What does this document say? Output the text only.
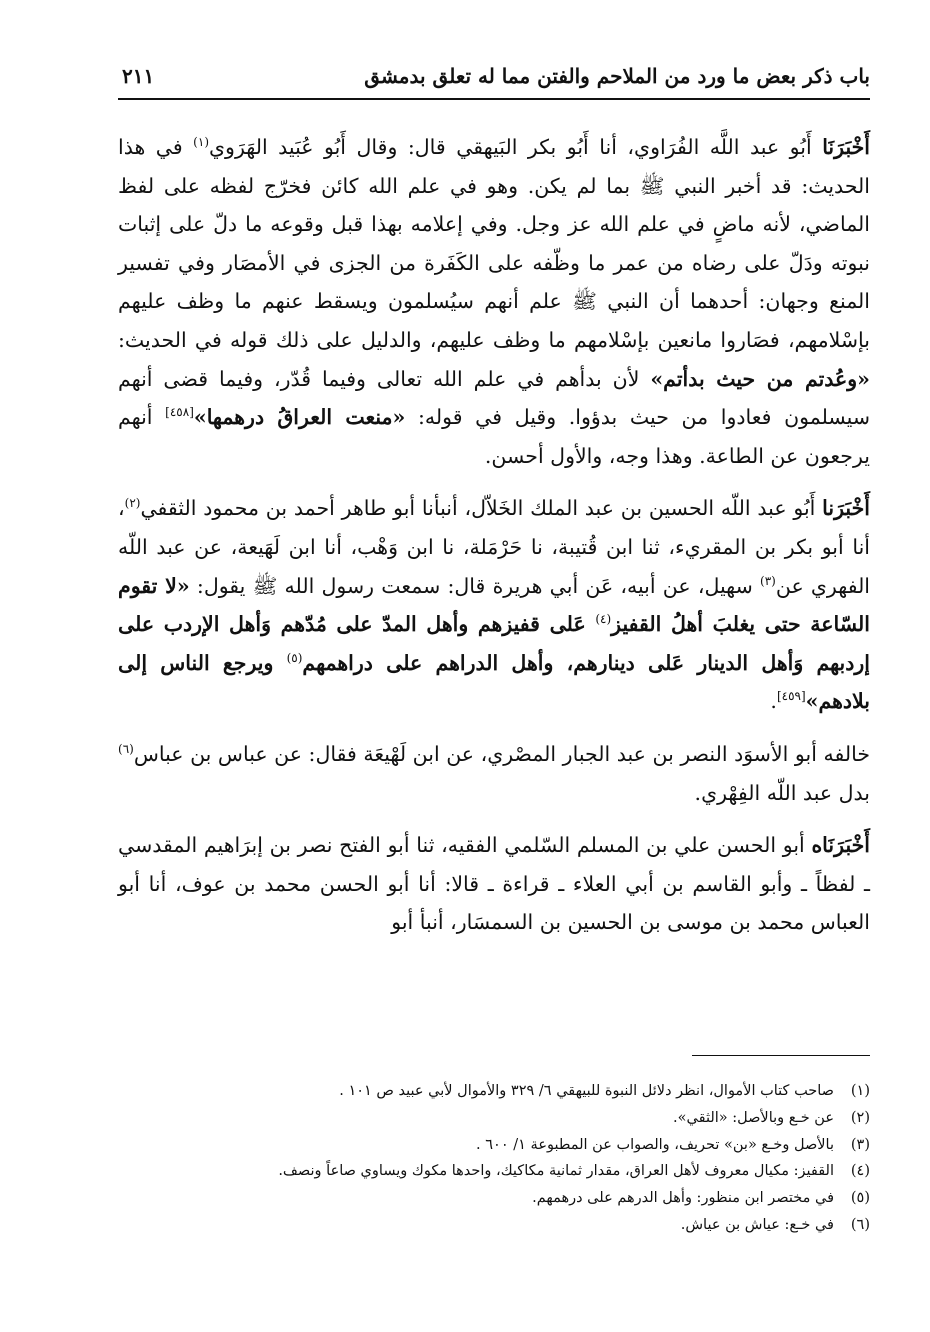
باب ذكر بعض ما ورد من الملاحم والفتن مما له تعلق بدمشق
٢١١

أَخْبَرَنَا أَبُو عبد اللَّه الفُرَاوي، أنا أَبُو بكر البَيهقي قال: وقال أَبُو عُبَيد الهَرَوي$^{(١)}$ في هذا الحديث: قد أخبر النبي ﷺ بما لم يكن. وهو في علم الله كائن فخرّج لفظه على لفظ الماضي، لأنه ماضٍ في علم الله عز وجل. وفي إعلامه بهذا قبل وقوعه ما دلّ على إثبات نبوته ودَلّ على رضاه من عمر ما وظّفه على الكَفَرة من الجزى في الأمصَار وفي تفسير المنع وجهان: أحدهما أن النبي ﷺ علم أنهم سيُسلمون ويسقط عنهم ما وظف عليهم بإسْلامهم، فصَاروا مانعين بإسْلامهم ما وظف عليهم، والدليل على ذلك قوله في الحديث: «وعُدتم من حيث بدأتم» لأن بدأهم في علم الله تعالى وفيما قُدّر، وفيما قضى أنهم سيسلمون فعادوا من حيث بدؤوا. وقيل في قوله: «منعت العراقُ درهمها»[٤٥٨] أنهم يرجعون عن الطاعة. وهذا وجه، والأول أحسن.

أَخْبَرَنا أَبُو عبد اللّه الحسين بن عبد الملك الخَلاّل، أنبأنا أبو طاهر أحمد بن محمود الثقفي$^{(٢)}$، أنا أبو بكر بن المقريء، ثنا ابن قُتيبة، نا حَرْمَلة، نا ابن وَهْب، أنا ابن لَهَيعة، عن عبد اللّه الفهري عن$^{(٣)}$ سهيل، عن أبيه، عَن أبي هريرة قال: سمعت رسول الله ﷺ يقول: «لا تقوم السّاعة حتى يغلبَ أهلُ القفيز$^{(٤)}$ عَلى قفيزهم وأهل المدّ على مُدّهم وَأهل الإردب على إردبهم وَأهل الدينار عَلى دينارهم، وأهل الدراهم على دراهمهم$^{(٥)}$ ويرجع الناس إلى بلادهم»[٤٥٩].

خالفه أبو الأسوَد النصر بن عبد الجبار المصْري، عن ابن لَهْيعَة فقال: عن عباس بن عباس$^{(٦)}$ بدل عبد اللّه الفِهْري.

أَخْبَرَنَاه أبو الحسن علي بن المسلم السّلمي الفقيه، ثنا أبو الفتح نصر بن إبرَاهيم المقدسي ـ لفظاً ـ وأبو القاسم بن أبي العلاء ـ قراءة ـ قالا: أنا أبو الحسن محمد بن عوف، أنا أبو العباس محمد بن موسى بن الحسين بن السمسَار، أنبأ أبو

(١)صاحب كتاب الأموال، انظر دلائل النبوة للبيهقي ٦/ ٣٢٩ والأموال لأبي عبيد ص ١٠١ .
(٢)عن خـع وبالأصل: «الثقي».
(٣)بالأصل وخـع «بن» تحريف، والصواب عن المطبوعة ١/ ٦٠٠ .
(٤)القفيز: مكيال معروف لأهل العراق، مقدار ثمانية مكاكيك، واحدها مكوك ويساوي صاعاً ونصف.
(٥)في مختصر ابن منظور: وأهل الدرهم على درهمهم.
(٦)في خـع: عياش بن عياش.
